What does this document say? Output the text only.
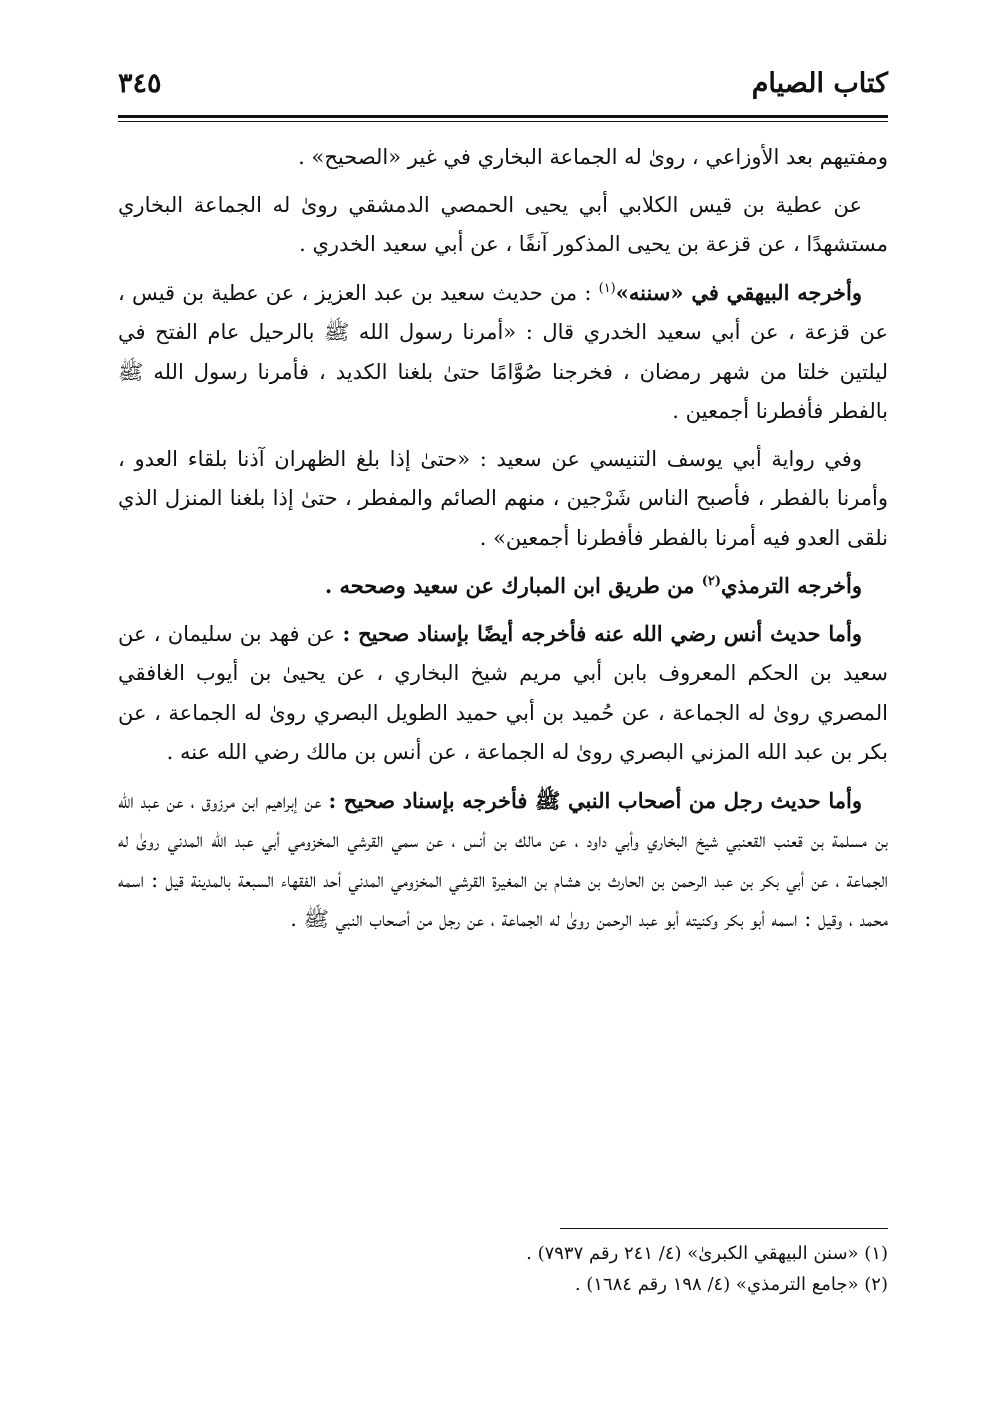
٣٤٥	كتاب الصيام

ومفتيهم بعد الأوزاعي ، روىٰ له الجماعة البخاري في غير «الصحيح» .

عن عطية بن قيس الكلابي أبي يحيى الحمصي الدمشقي روىٰ له الجماعة البخاري مستشهدًا ، عن قزعة بن يحيى المذكور آنفًا ، عن أبي سعيد الخدري .

وأخرجه البيهقي في «سننه»$^{(١)}$ : من حديث سعيد بن عبد العزيز ، عن عطية بن قيس ، عن قزعة ، عن أبي سعيد الخدري قال : «أمرنا رسول الله ﷺ بالرحيل عام الفتح في ليلتين خلتا من شهر رمضان ، فخرجنا صُوَّامًا حتىٰ بلغنا الكديد ، فأمرنا رسول الله ﷺ بالفطر فأفطرنا أجمعين .

وفي رواية أبي يوسف التنيسي عن سعيد : «حتىٰ إذا بلغ الظهران آذنا بلقاء العدو ، وأمرنا بالفطر ، فأصبح الناس شَرْجين ، منهم الصائم والمفطر ، حتىٰ إذا بلغنا المنزل الذي نلقى العدو فيه أمرنا بالفطر فأفطرنا أجمعين» .

وأخرجه الترمذي$^{(٢)}$ من طريق ابن المبارك عن سعيد وصححه .

وأما حديث أنس رضي الله عنه فأخرجه أيضًا بإسناد صحيح : عن فهد بن سليمان ، عن سعيد بن الحكم المعروف بابن أبي مريم شيخ البخاري ، عن يحيىٰ بن أيوب الغافقي المصري روىٰ له الجماعة ، عن حُميد بن أبي حميد الطويل البصري روىٰ له الجماعة ، عن بكر بن عبد الله المزني البصري روىٰ له الجماعة ، عن أنس بن مالك رضي الله عنه .

وأما حديث رجل من أصحاب النبي ﷺ فأخرجه بإسناد صحيح : عن إبراهيم ابن مرزوق ، عن عبد الله بن مسلمة بن قعنب القعنبي شيخ البخاري وأبي داود ، عن مالك بن أنس ، عن سمي القرشي المخزومي أبي عبد الله المدني روىٰ له الجماعة ، عن أبي بكر بن عبد الرحمن بن الحارث بن هشام بن المغيرة القرشي المخزومي المدني أحد الفقهاء السبعة بالمدينة قيل : اسمه محمد ، وقيل : اسمه أبو بكر وكنيته أبو عبد الرحمن روىٰ له الجماعة ، عن رجل من أصحاب النبي ﷺ .

(١) «سنن البيهقي الكبرىٰ» (٤/ ٢٤١ رقم ٧٩٣٧) .

(٢) «جامع الترمذي» (٤/ ١٩٨ رقم ١٦٨٤) .
